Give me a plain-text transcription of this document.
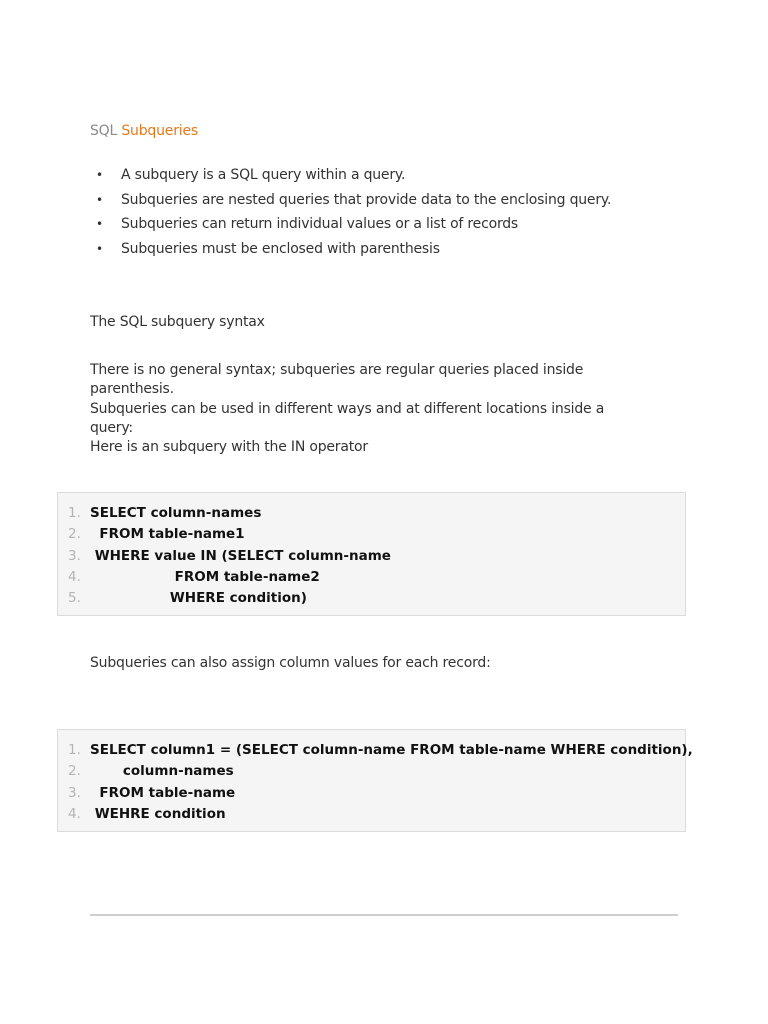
SQL Subqueries
• A subquery is a SQL query within a query.
• Subqueries are nested queries that provide data to the enclosing query.
• Subqueries can return individual values or a list of records
• Subqueries must be enclosed with parenthesis
The SQL subquery syntax
There is no general syntax; subqueries are regular queries placed inside
parenthesis.
Subqueries can be used in different ways and at different locations inside a
query:
Here is an subquery with the IN operator

1.

SELECT column-names

2.

FROM table-name1

3.

WHERE value IN (SELECT column-name

4.

FROM table-name2

5.

WHERE condition)

Subqueries can also assign column values for each record:

1.

SELECT column1 = (SELECT column-name FROM table-name WHERE condition),

2.

column-names

3.

FROM table-name

4.

WEHRE condition
